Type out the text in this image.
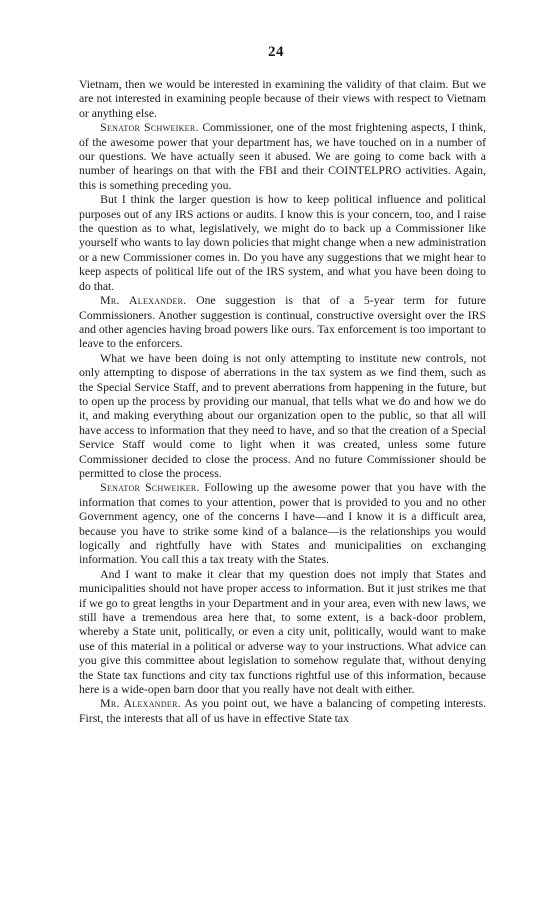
24

Vietnam, then we would be interested in examining the validity of that claim. But we are not interested in examining people because of their views with respect to Vietnam or anything else.

Senator Schweiker. Commissioner, one of the most frightening aspects, I think, of the awesome power that your department has, we have touched on in a number of our questions. We have actually seen it abused. We are going to come back with a number of hearings on that with the FBI and their COINTELPRO activities. Again, this is something preceding you.

But I think the larger question is how to keep political influence and political purposes out of any IRS actions or audits. I know this is your concern, too, and I raise the question as to what, legislatively, we might do to back up a Commissioner like yourself who wants to lay down policies that might change when a new administration or a new Commissioner comes in. Do you have any suggestions that we might hear to keep aspects of political life out of the IRS system, and what you have been doing to do that.

Mr. Alexander. One suggestion is that of a 5-year term for future Commissioners. Another suggestion is continual, constructive oversight over the IRS and other agencies having broad powers like ours. Tax enforcement is too important to leave to the enforcers.

What we have been doing is not only attempting to institute new controls, not only attempting to dispose of aberrations in the tax system as we find them, such as the Special Service Staff, and to prevent aberrations from happening in the future, but to open up the process by providing our manual, that tells what we do and how we do it, and making everything about our organization open to the public, so that all will have access to information that they need to have, and so that the creation of a Special Service Staff would come to light when it was created, unless some future Commissioner decided to close the process. And no future Commissioner should be permitted to close the process.

Senator Schweiker. Following up the awesome power that you have with the information that comes to your attention, power that is provided to you and no other Government agency, one of the concerns I have—and I know it is a difficult area, because you have to strike some kind of a balance—is the relationships you would logically and rightfully have with States and municipalities on exchanging information. You call this a tax treaty with the States.

And I want to make it clear that my question does not imply that States and municipalities should not have proper access to information. But it just strikes me that if we go to great lengths in your Department and in your area, even with new laws, we still have a tremendous area here that, to some extent, is a back-door problem, whereby a State unit, politically, or even a city unit, politically, would want to make use of this material in a political or adverse way to your instructions. What advice can you give this committee about legislation to somehow regulate that, without denying the State tax functions and city tax functions rightful use of this information, because here is a wide-open barn door that you really have not dealt with either.

Mr. Alexander. As you point out, we have a balancing of competing interests. First, the interests that all of us have in effective State tax
